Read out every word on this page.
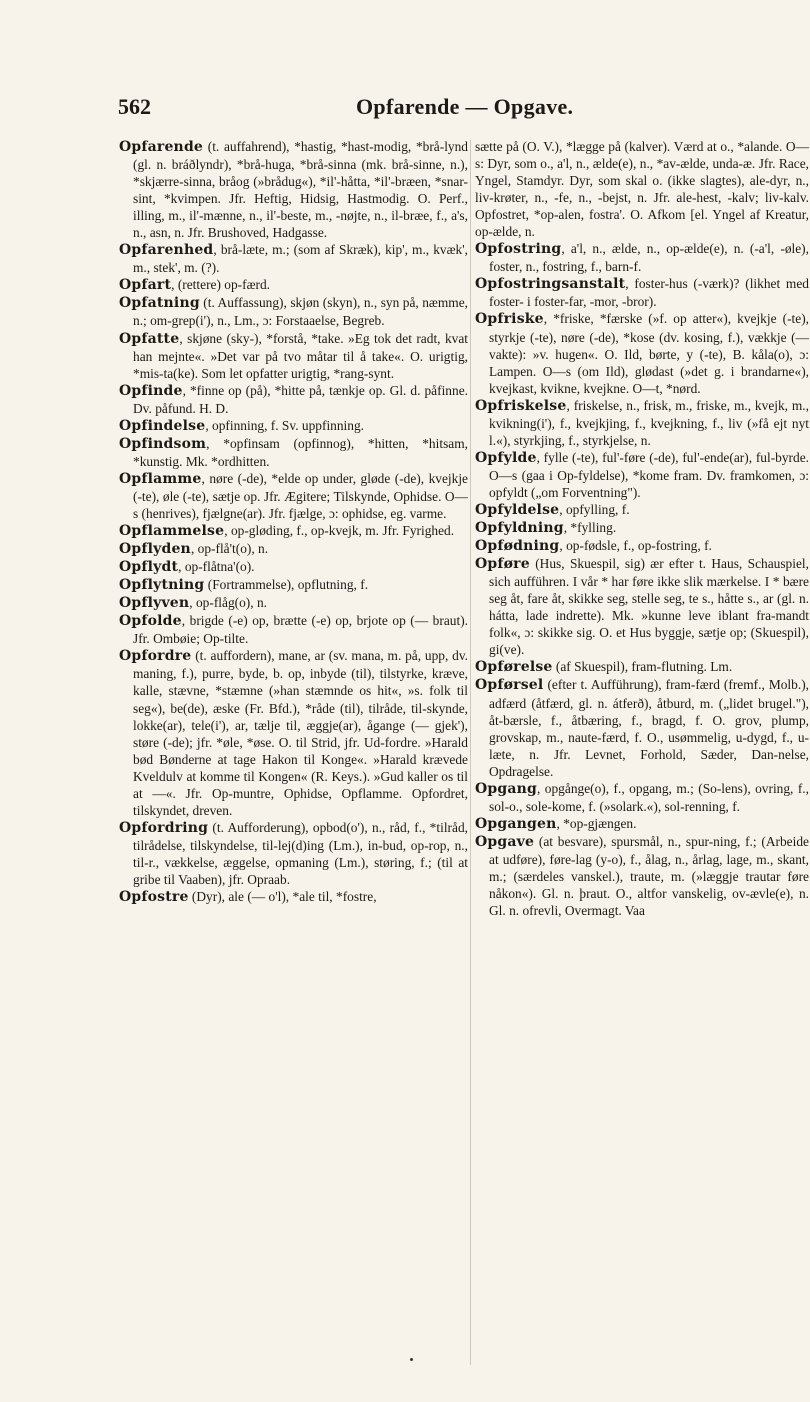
562	Opfarende — Opgave.

Opfarende (t. auffahrend), *hastig, *hast-modig, *brå-lynd (gl. n. bráðlyndr), *brå-huga, *brå-sinna (mk. brå-sinne, n.), *skjærre-sinna, bråog (»brådug«), *il'-håtta, *il'-bræen, *snar-sint, *kvimpen. Jfr. Heftig, Hidsig, Hastmodig. O. Perf., illing, m., il'-mænne, n., il'-beste, m., -nøjte, n., il-bræe, f., a's, n., asn, n. Jfr. Brushoved, Hadgasse.

Opfarenhed, brå-læte, m.; (som af Skræk), kip', m., kvæk', m., stek', m. (?).

Opfart, (rettere) op-færd.

Opfatning (t. Auffassung), skjøn (skyn), n., syn på, næmme, n.; om-grep(i'), n., Lm., ɔ: Forstaaelse, Begreb.

Opfatte, skjøne (sky-), *forstå, *take. »Eg tok det radt, kvat han mejnte«. »Det var på tvo måtar til å take«. O. urigtig, *mis-ta(ke). Som let opfatter urigtig, *rang-synt.

Opfinde, *finne op (på), *hitte på, tænkje op. Gl. d. påfinne. Dv. påfund. H. D.

Opfindelse, opfinning, f. Sv. uppfinning.

Opfindsom, *opfinsam (opfinnog), *hitten, *hitsam, *kunstig. Mk. *ordhitten.

Opflamme, nøre (-de), *elde op under, gløde (-de), kvejkje (-te), øle (-te), sætje op. Jfr. Ægitere; Tilskynde, Ophidse. O—s (henrives), fjælgne(ar). Jfr. fjælge, ɔ: ophidse, eg. varme.

Opflammelse, op-gløding, f., op-kvejk, m. Jfr. Fyrighed.

Opflyden, op-flå't(o), n.

Opflydt, op-flåtna'(o).

Opflytning (Fortrammelse), opflutning, f.

Opflyven, op-flåg(o), n.

Opfolde, brigde (-e) op, brætte (-e) op, brjote op (— braut). Jfr. Ombøie; Op-tilte.

Opfordre (t. auffordern), mane, ar (sv. mana, m. på, upp, dv. maning, f.), purre, byde, b. op, inbyde (til), tilstyrke, kræve, kalle, stævne, *stæmne (»han stæmnde os hit«, »s. folk til seg«), be(de), æske (Fr. Bfd.), *råde (til), tilråde, til-skynde, lokke(ar), tele(i'), ar, tælje til, æggje(ar), ågange (— gjek'), støre (-de); jfr. *øle, *øse. O. til Strid, jfr. Ud-fordre. »Harald bød Bønderne at tage Hakon til Konge«. »Harald krævede Kveldulv at komme til Kongen« (R. Keys.). »Gud kaller os til at —«. Jfr. Op-muntre, Ophidse, Opflamme. Opfordret, tilskyndet, dreven.

Opfordring (t. Aufforderung), opbod(o'), n., råd, f., *tilråd, tilrådelse, tilskyndelse, til-lej(d)ing (Lm.), in-bud, op-rop, n., til-r., vækkelse, æggelse, opmaning (Lm.), støring, f.; (til at gribe til Vaaben), jfr. Opraab.

Opfostre (Dyr), ale (— o'l), *ale til, *fostre,

sætte på (O. V.), *lægge på (kalver). Værd at o., *alande. O—s: Dyr, som o., a'l, n., ælde(e), n., *av-ælde, unda-æ. Jfr. Race, Yngel, Stamdyr. Dyr, som skal o. (ikke slagtes), ale-dyr, n., liv-krøter, n., -fe, n., -bejst, n. Jfr. ale-hest, -kalv; liv-kalv. Opfostret, *op-alen, fostra'. O. Afkom [el. Yngel af Kreatur, op-ælde, n.

Opfostring, a'l, n., ælde, n., op-ælde(e), n. (-a'l, -øle), foster, n., fostring, f., barn-f.

Opfostringsanstalt, foster-hus (-værk)? (likhet med foster- i foster-far, -mor, -bror).

Opfriske, *friske, *færske (»f. op atter«), kvejkje (-te), styrkje (-te), nøre (-de), *kose (dv. kosing, f.), vækkje (— vakte): »v. hugen«. O. Ild, børte, y (-te), B. kåla(o), ɔ: Lampen. O—s (om Ild), glødast (»det g. i brandarne«), kvejkast, kvikne, kvejkne. O—t, *nørd.

Opfriskelse, friskelse, n., frisk, m., friske, m., kvejk, m., kvikning(i'), f., kvejkjing, f., kvejkning, f., liv (»få ejt nyt l.«), styrkjing, f., styrkjelse, n.

Opfylde, fylle (-te), ful'-føre (-de), ful'-ende(ar), ful-byrde. O—s (gaa i Op-fyldelse), *kome fram. Dv. framkomen, ɔ: opfyldt („om Forventning").

Opfyldelse, opfylling, f.

Opfyldning, *fylling.

Opfødning, op-fødsle, f., op-fostring, f.

Opføre (Hus, Skuespil, sig) ær efter t. Haus, Schauspiel, sich aufführen. I vår * har føre ikke slik mærkelse. I * bære seg åt, fare åt, skikke seg, stelle seg, te s., håtte s., ar (gl. n. hátta, lade indrette). Mk. »kunne leve iblant fra-mandt folk«, ɔ: skikke sig. O. et Hus byggje, sætje op; (Skuespil), gi(ve).

Opførelse (af Skuespil), fram-flutning. Lm.

Opførsel (efter t. Aufführung), fram-færd (fremf., Molb.), adfærd (åtfærd, gl. n. átferð), åtburd, m. („lidet brugel."), åt-bærsle, f., åtbæring, f., bragd, f. O. grov, plump, grovskap, m., naute-færd, f. O., usømmelig, u-dygd, f., u-læte, n. Jfr. Levnet, Forhold, Sæder, Dan-nelse, Opdragelse.

Opgang, opgånge(o), f., opgang, m.; (So-lens), ovring, f., sol-o., sole-kome, f. (»solark.«), sol-renning, f.

Opgangen, *op-gjængen.

Opgave (at besvare), spursmål, n., spur-ning, f.; (Arbeide at udføre), føre-lag (y-o), f., ålag, n., årlag, lage, m., skant, m.; (særdeles vanskel.), traute, m. (»læggje trautar føre nåkon«). Gl. n. þraut. O., altfor vanskelig, ov-ævle(e), n. Gl. n. ofrevli, Overmagt. Vaa
